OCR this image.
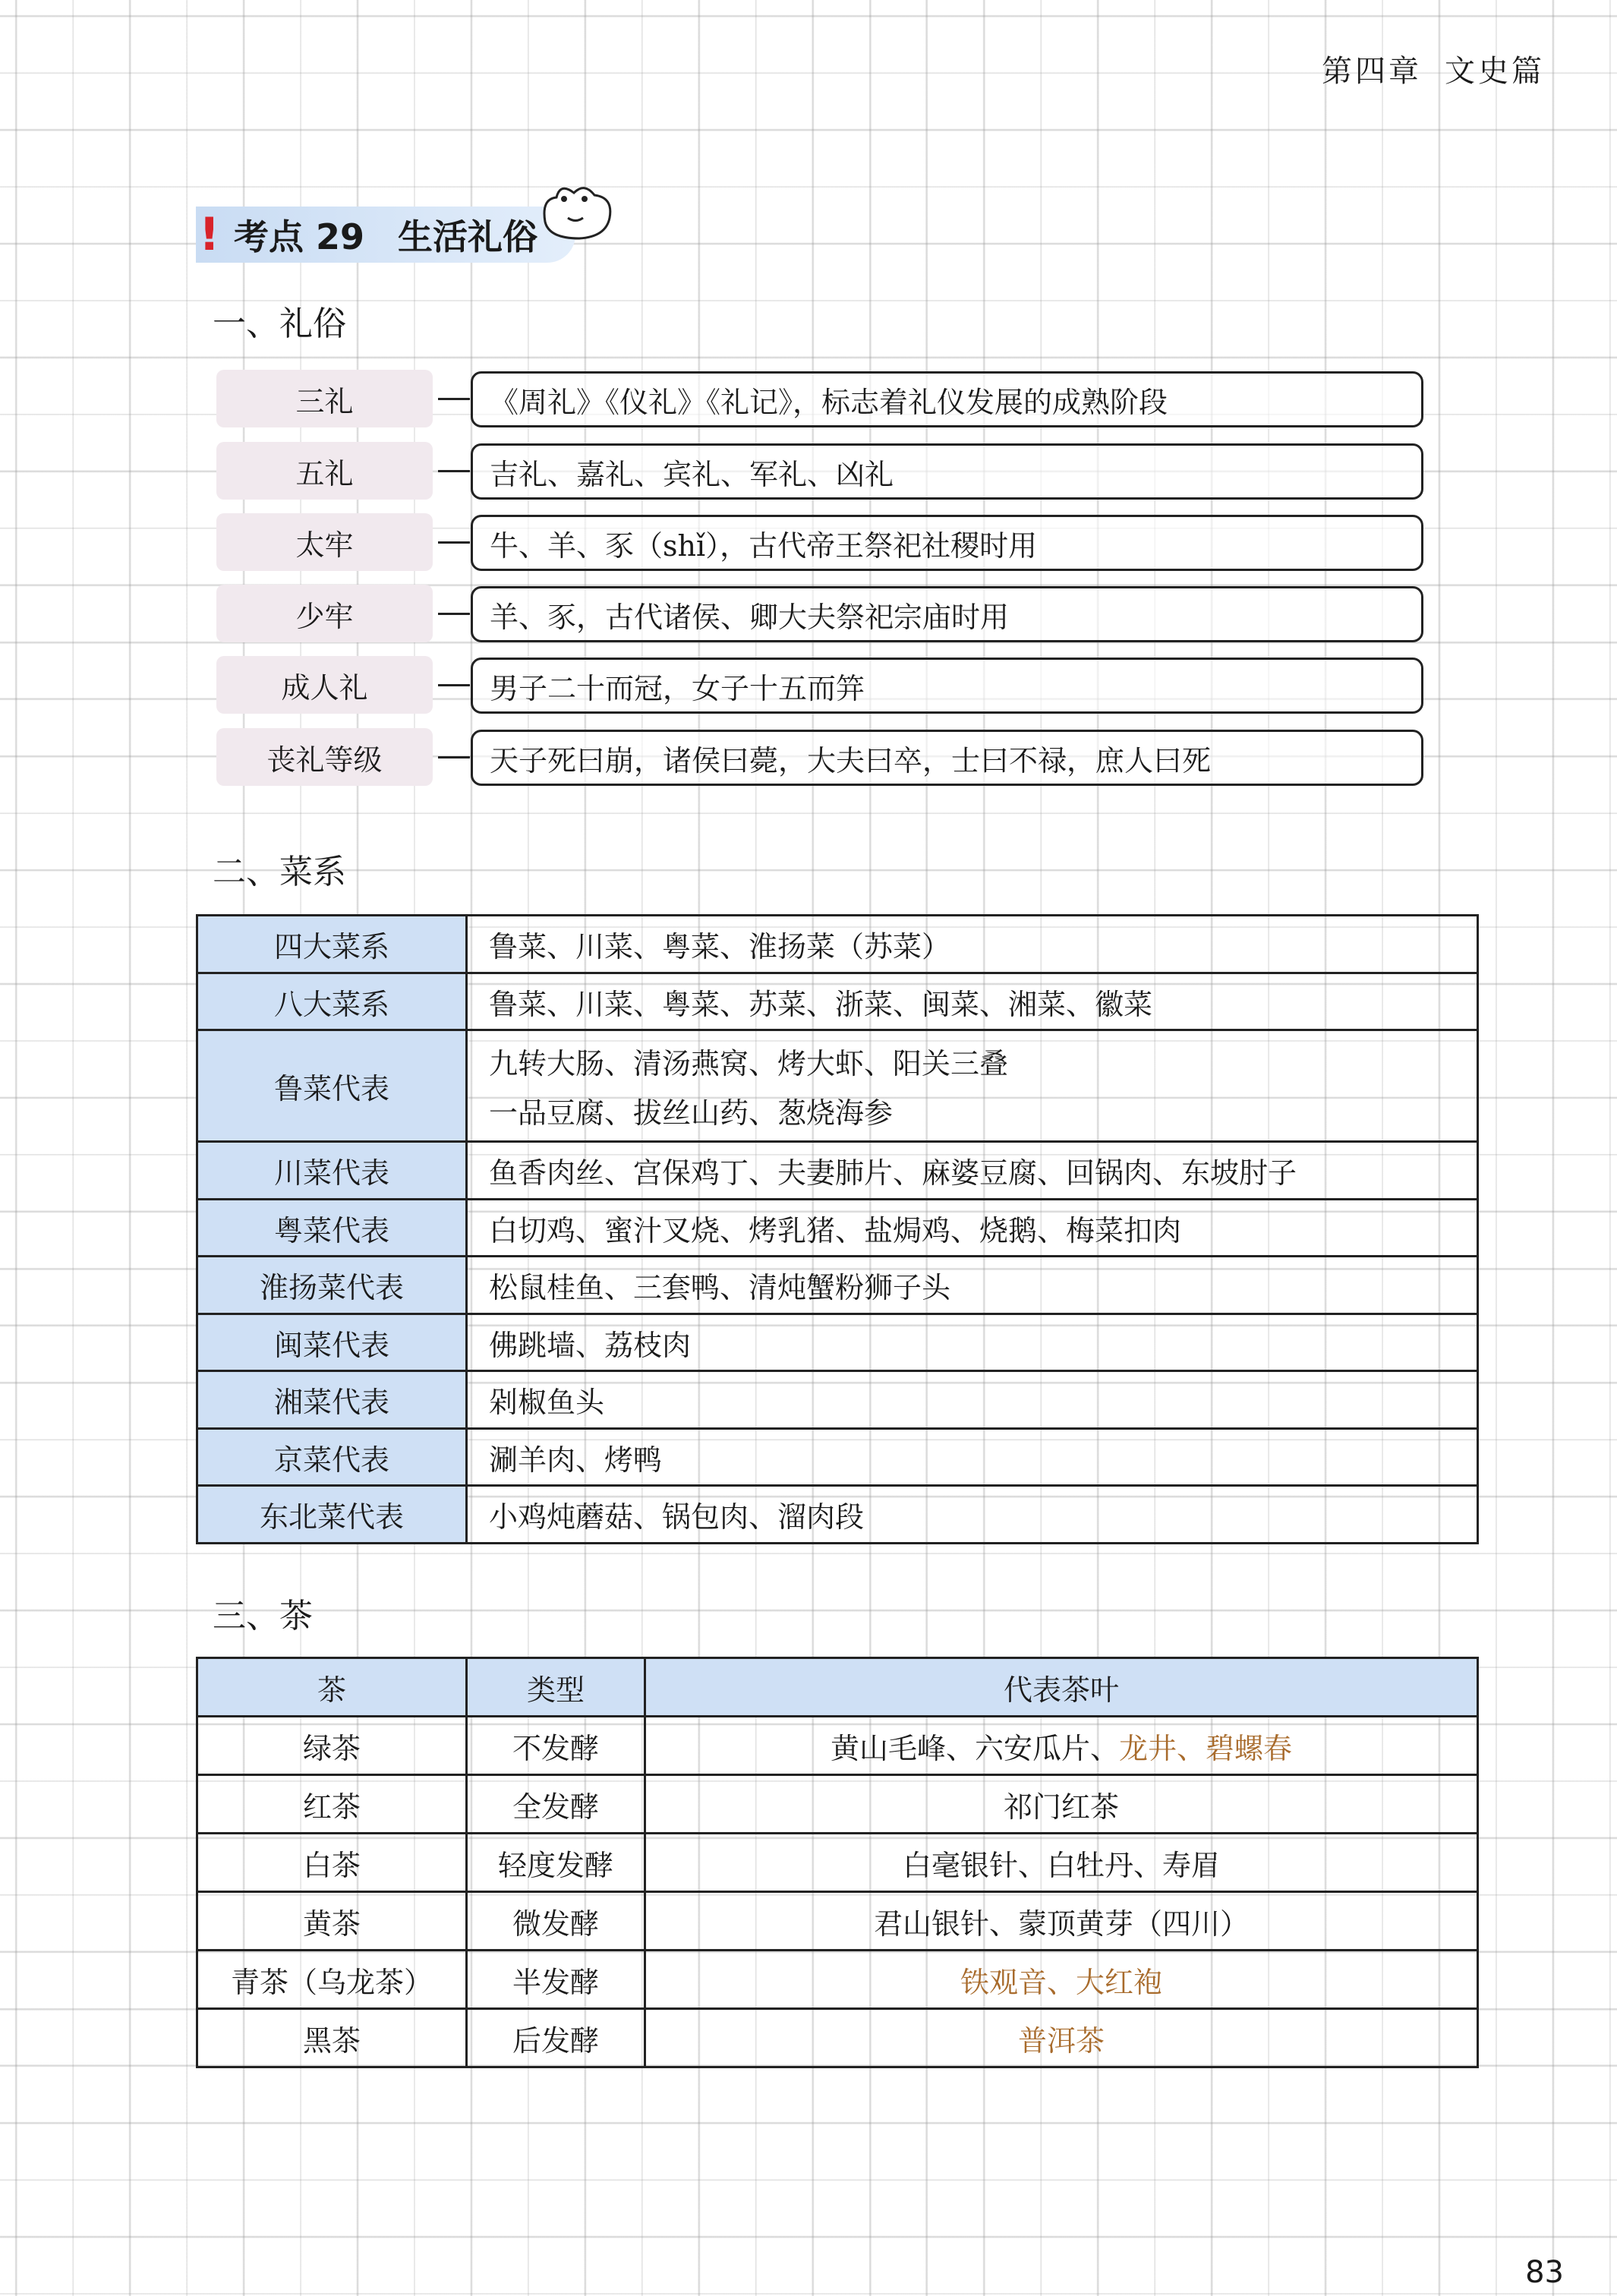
第四章 文史篇
! 考点 29 生活礼俗
一、礼俗
三礼	《周礼》《仪礼》《礼记》，标志着礼仪发展的成熟阶段
五礼	吉礼、嘉礼、宾礼、军礼、凶礼
太牢	牛、羊、豕（shǐ），古代帝王祭祀社稷时用
少牢	羊、豕，古代诸侯、卿大夫祭祀宗庙时用
成人礼	男子二十而冠，女子十五而笄
丧礼等级	天子死曰崩，诸侯曰薨，大夫曰卒，士曰不禄，庶人曰死
二、菜系
四大菜系	鲁菜、川菜、粤菜、淮扬菜（苏菜）
八大菜系	鲁菜、川菜、粤菜、苏菜、浙菜、闽菜、湘菜、徽菜
鲁菜代表	九转大肠、清汤燕窝、烤大虾、阳关三叠
一品豆腐、拔丝山药、葱烧海参

川菜代表	鱼香肉丝、宫保鸡丁、夫妻肺片、麻婆豆腐、回锅肉、东坡肘子
粤菜代表	白切鸡、蜜汁叉烧、烤乳猪、盐焗鸡、烧鹅、梅菜扣肉
淮扬菜代表	松鼠桂鱼、三套鸭、清炖蟹粉狮子头
闽菜代表	佛跳墙、荔枝肉
湘菜代表	剁椒鱼头
京菜代表	涮羊肉、烤鸭
东北菜代表	小鸡炖蘑菇、锅包肉、溜肉段
三、茶
茶	类型	代表茶叶
绿茶	不发酵	黄山毛峰、六安瓜片、龙井、碧螺春
红茶	全发酵	祁门红茶
白茶	轻度发酵	白毫银针、白牡丹、寿眉
黄茶	微发酵	君山银针、蒙顶黄芽（四川）
青茶（乌龙茶）	半发酵	铁观音、大红袍
黑茶	后发酵	普洱茶
83
